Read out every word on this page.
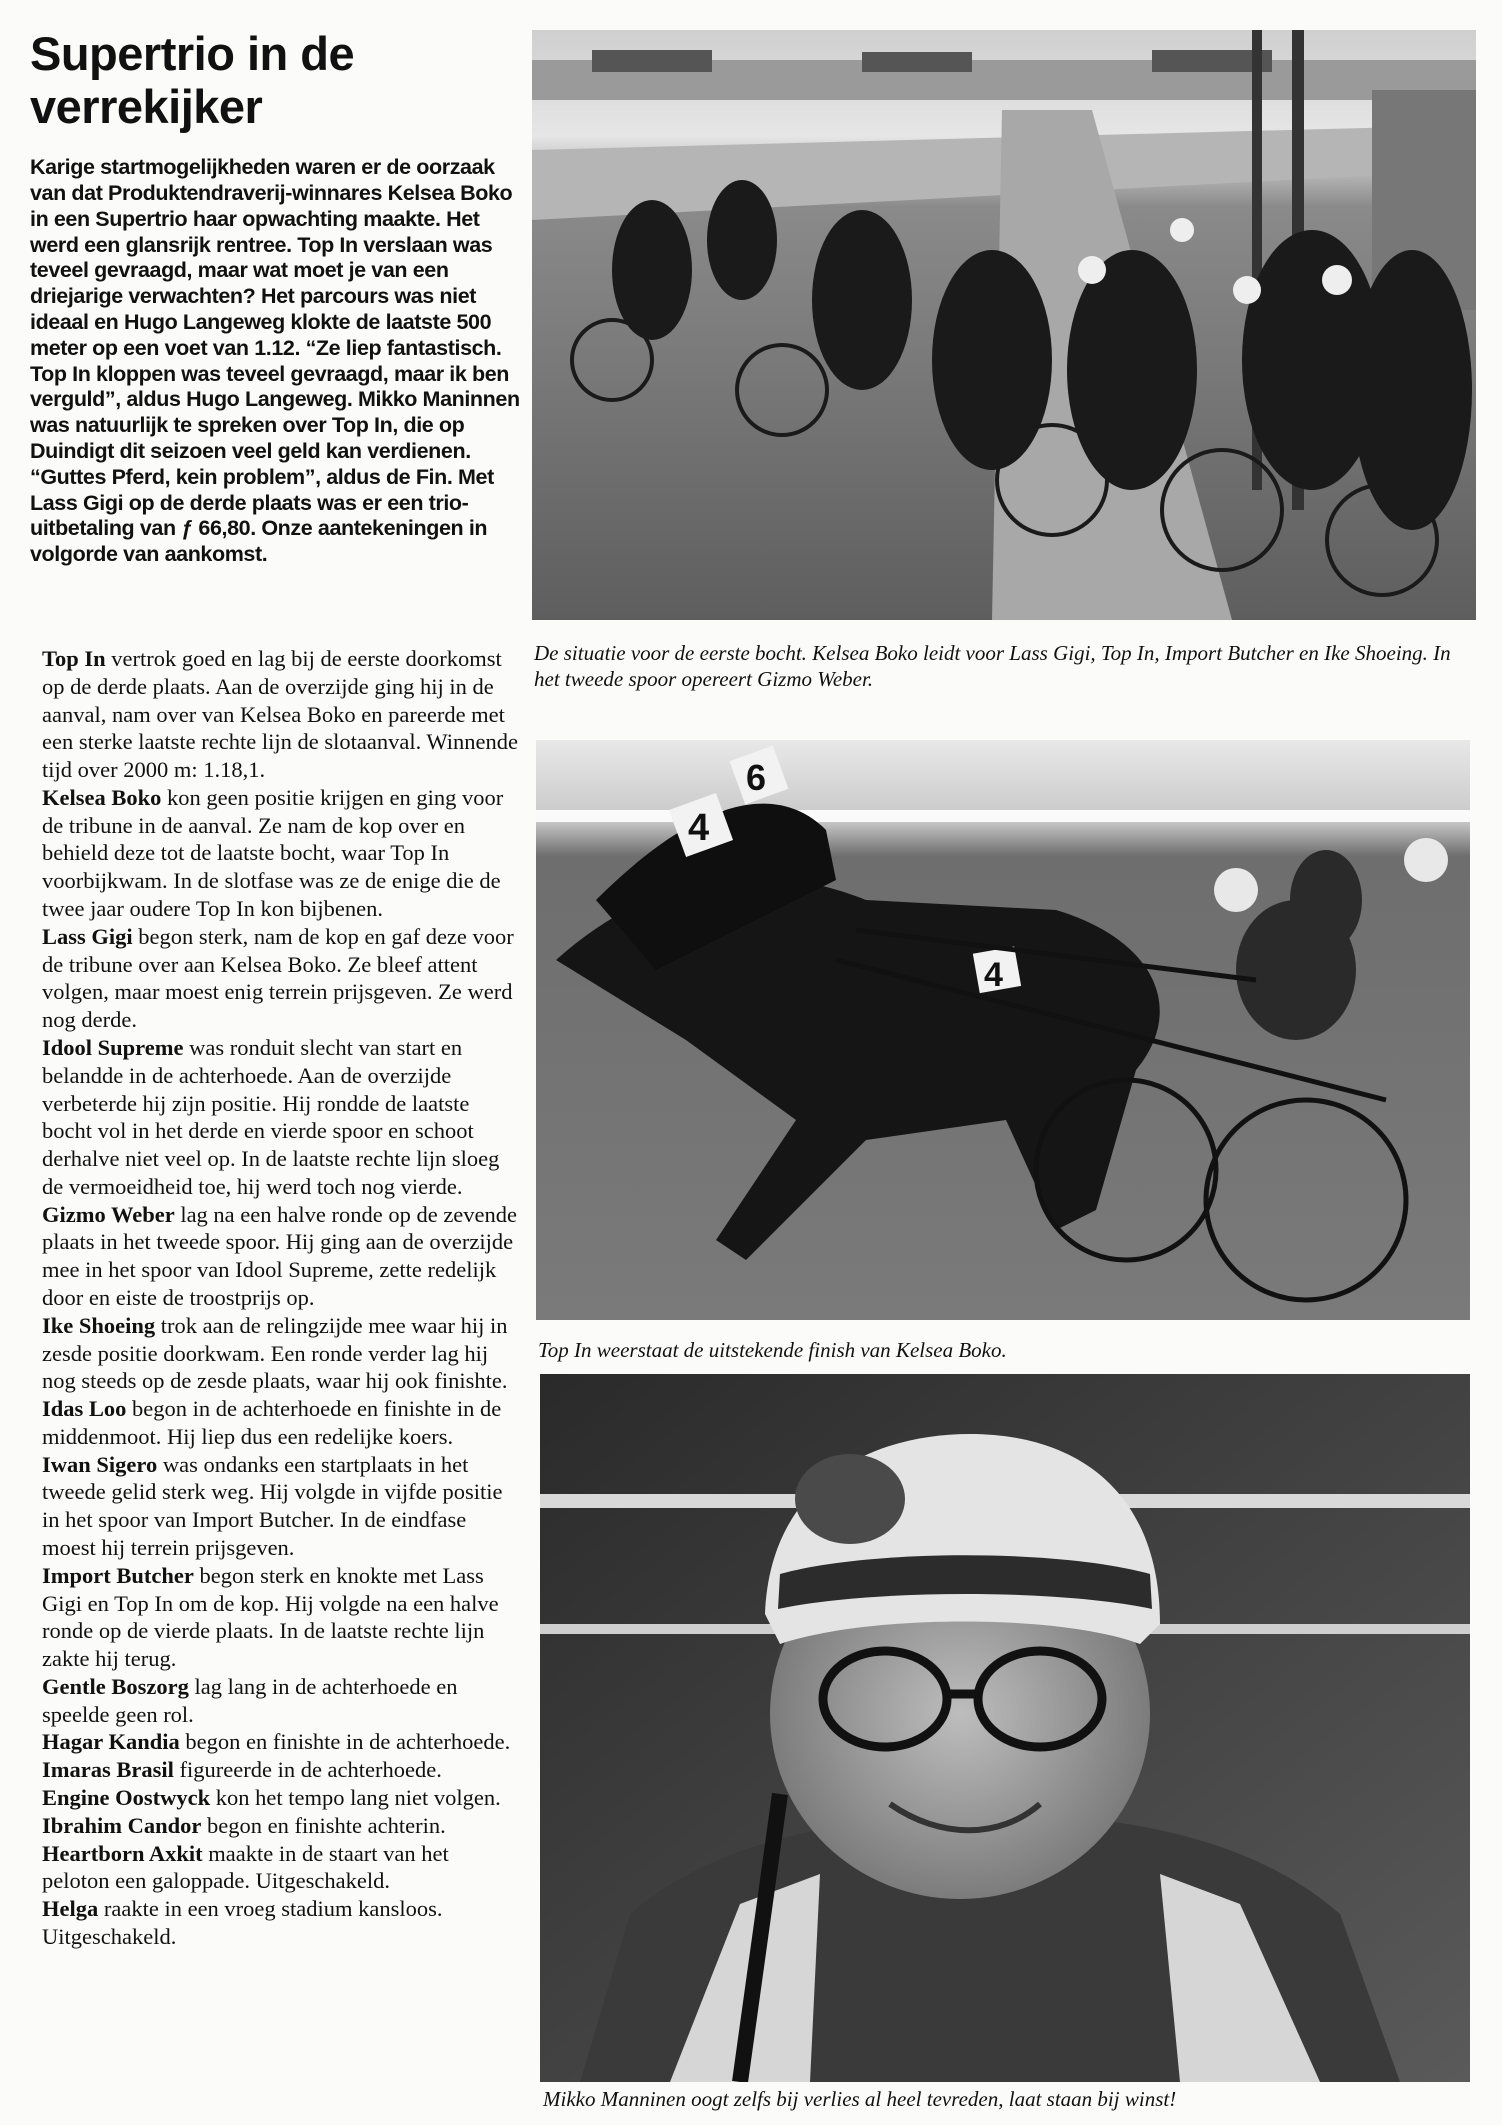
Supertrio in de verrekijker

Karige startmogelijkheden waren er de oorzaak van dat Produktendraverij-winnares Kelsea Boko in een Supertrio haar opwachting maakte. Het werd een glansrijk rentree. Top In verslaan was teveel gevraagd, maar wat moet je van een driejarige verwachten? Het parcours was niet ideaal en Hugo Langeweg klokte de laatste 500 meter op een voet van 1.12. “Ze liep fantastisch. Top In kloppen was teveel gevraagd, maar ik ben verguld”, aldus Hugo Langeweg. Mikko Maninnen was natuurlijk te spreken over Top In, die op Duindigt dit seizoen veel geld kan verdienen. “Guttes Pferd, kein problem”, aldus de Fin. Met Lass Gigi op de derde plaats was er een trio-uitbetaling van ƒ 66,80. Onze aantekeningen in volgorde van aankomst.

Top In vertrok goed en lag bij de eerste doorkomst op de derde plaats. Aan de overzijde ging hij in de aanval, nam over van Kelsea Boko en pareerde met een sterke laatste rechte lijn de slotaanval. Winnende tijd over 2000 m: 1.18,1.

Kelsea Boko kon geen positie krijgen en ging voor de tribune in de aanval. Ze nam de kop over en behield deze tot de laatste bocht, waar Top In voorbijkwam. In de slotfase was ze de enige die de twee jaar oudere Top In kon bijbenen.

Lass Gigi begon sterk, nam de kop en gaf deze voor de tribune over aan Kelsea Boko. Ze bleef attent volgen, maar moest enig terrein prijsgeven. Ze werd nog derde.

Idool Supreme was ronduit slecht van start en belandde in de achterhoede. Aan de overzijde verbeterde hij zijn positie. Hij rondde de laatste bocht vol in het derde en vierde spoor en schoot derhalve niet veel op. In de laatste rechte lijn sloeg de vermoeidheid toe, hij werd toch nog vierde.

Gizmo Weber lag na een halve ronde op de zevende plaats in het tweede spoor. Hij ging aan de overzijde mee in het spoor van Idool Supreme, zette redelijk door en eiste de troostprijs op.

Ike Shoeing trok aan de relingzijde mee waar hij in zesde positie doorkwam. Een ronde verder lag hij nog steeds op de zesde plaats, waar hij ook finishte.

Idas Loo begon in de achterhoede en finishte in de middenmoot. Hij liep dus een redelijke koers.

Iwan Sigero was ondanks een startplaats in het tweede gelid sterk weg. Hij volgde in vijfde positie in het spoor van Import Butcher. In de eindfase moest hij terrein prijsgeven.

Import Butcher begon sterk en knokte met Lass Gigi en Top In om de kop. Hij volgde na een halve ronde op de vierde plaats. In de laatste rechte lijn zakte hij terug.

Gentle Boszorg lag lang in de achterhoede en speelde geen rol.

Hagar Kandia begon en finishte in de achterhoede.

Imaras Brasil figureerde in de achterhoede.

Engine Oostwyck kon het tempo lang niet volgen.

Ibrahim Candor begon en finishte achterin.

Heartborn Axkit maakte in de staart van het peloton een galoppade. Uitgeschakeld.

Helga raakte in een vroeg stadium kansloos. Uitgeschakeld.

De situatie voor de eerste bocht. Kelsea Boko leidt voor Lass Gigi, Top In, Import Butcher en Ike Shoeing. In het tweede spoor opereert Gizmo Weber.
4
6
4
Top In weerstaat de uitstekende finish van Kelsea Boko.
Mikko Manninen oogt zelfs bij verlies al heel tevreden, laat staan bij winst!
